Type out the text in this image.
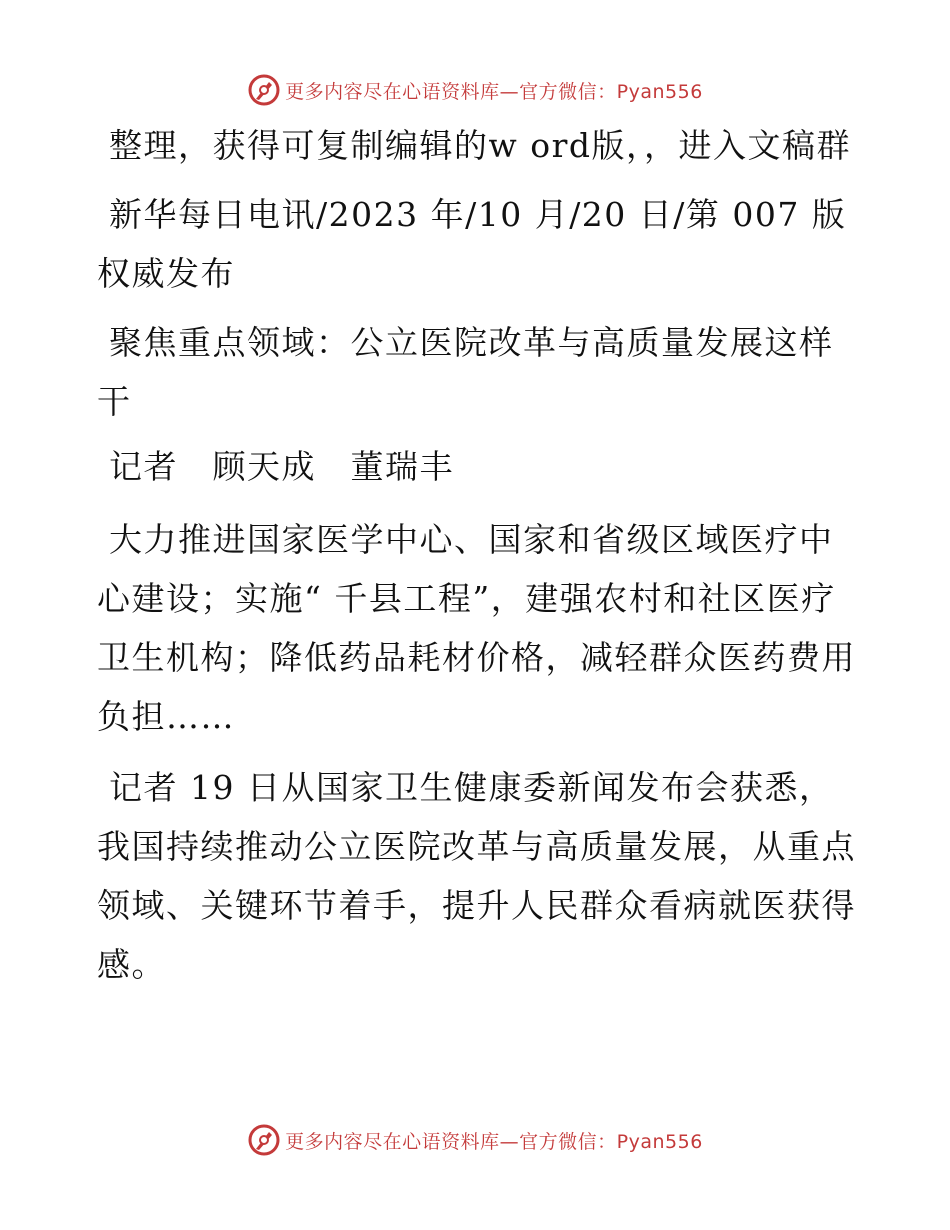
更多内容尽在心语资料库—官方微信：Pyan556

整理，获得可复制编辑的w ord版，，进入文稿群

新华每日电讯/2023 年/10 月/20 日/第 007 版权威发布

聚焦重点领域：公立医院改革与高质量发展这样干

记者　顾天成　董瑞丰

大力推进国家医学中心、国家和省级区域医疗中心建设；实施“ 千县工程”，建强农村和社区医疗卫生机构；降低药品耗材价格，减轻群众医药费用负担……

记者 19 日从国家卫生健康委新闻发布会获悉，我国持续推动公立医院改革与高质量发展，从重点领域、关键环节着手，提升人民群众看病就医获得感。

更多内容尽在心语资料库—官方微信：Pyan556
